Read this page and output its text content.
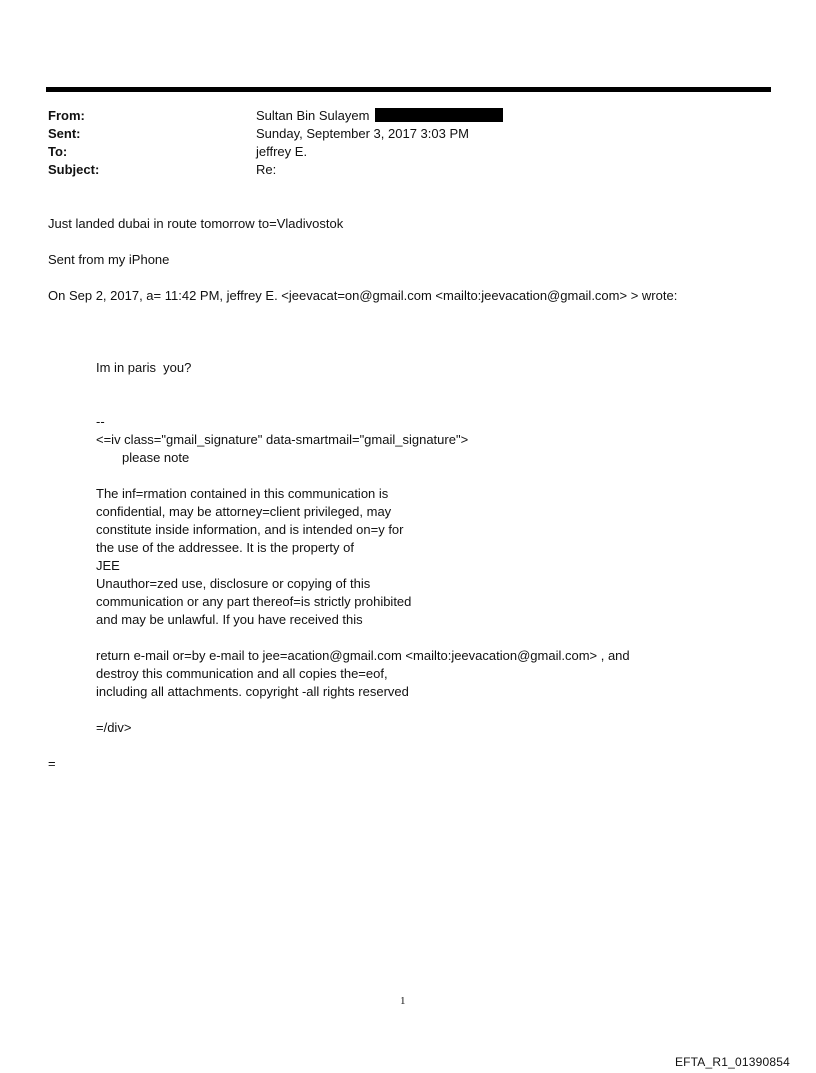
From:	Sultan Bin Sulayem
Sent:	Sunday, September 3, 2017 3:03 PM
To:	jeffrey E.
Subject:	Re:
Just landed dubai in route tomorrow to=Vladivostok
Sent from my iPhone
On Sep 2, 2017, a= 11:42 PM, jeffrey E. <jeevacat=on@gmail.com <mailto:jeevacation@gmail.com> > wrote:
Im in paris  you?
--
<=iv class="gmail_signature" data-smartmail="gmail_signature">
please note
The inf=rmation contained in this communication is
confidential, may be attorney=client privileged, may
constitute inside information, and is intended on=y for
the use of the addressee. It is the property of
JEE
Unauthor=zed use, disclosure or copying of this
communication or any part thereof=is strictly prohibited
and may be unlawful. If you have received this
return e-mail or=by e-mail to jee=acation@gmail.com <mailto:jeevacation@gmail.com> , and
destroy this communication and all copies the=eof,
including all attachments. copyright -all rights reserved
=/div>
=
1
EFTA_R1_01390854
